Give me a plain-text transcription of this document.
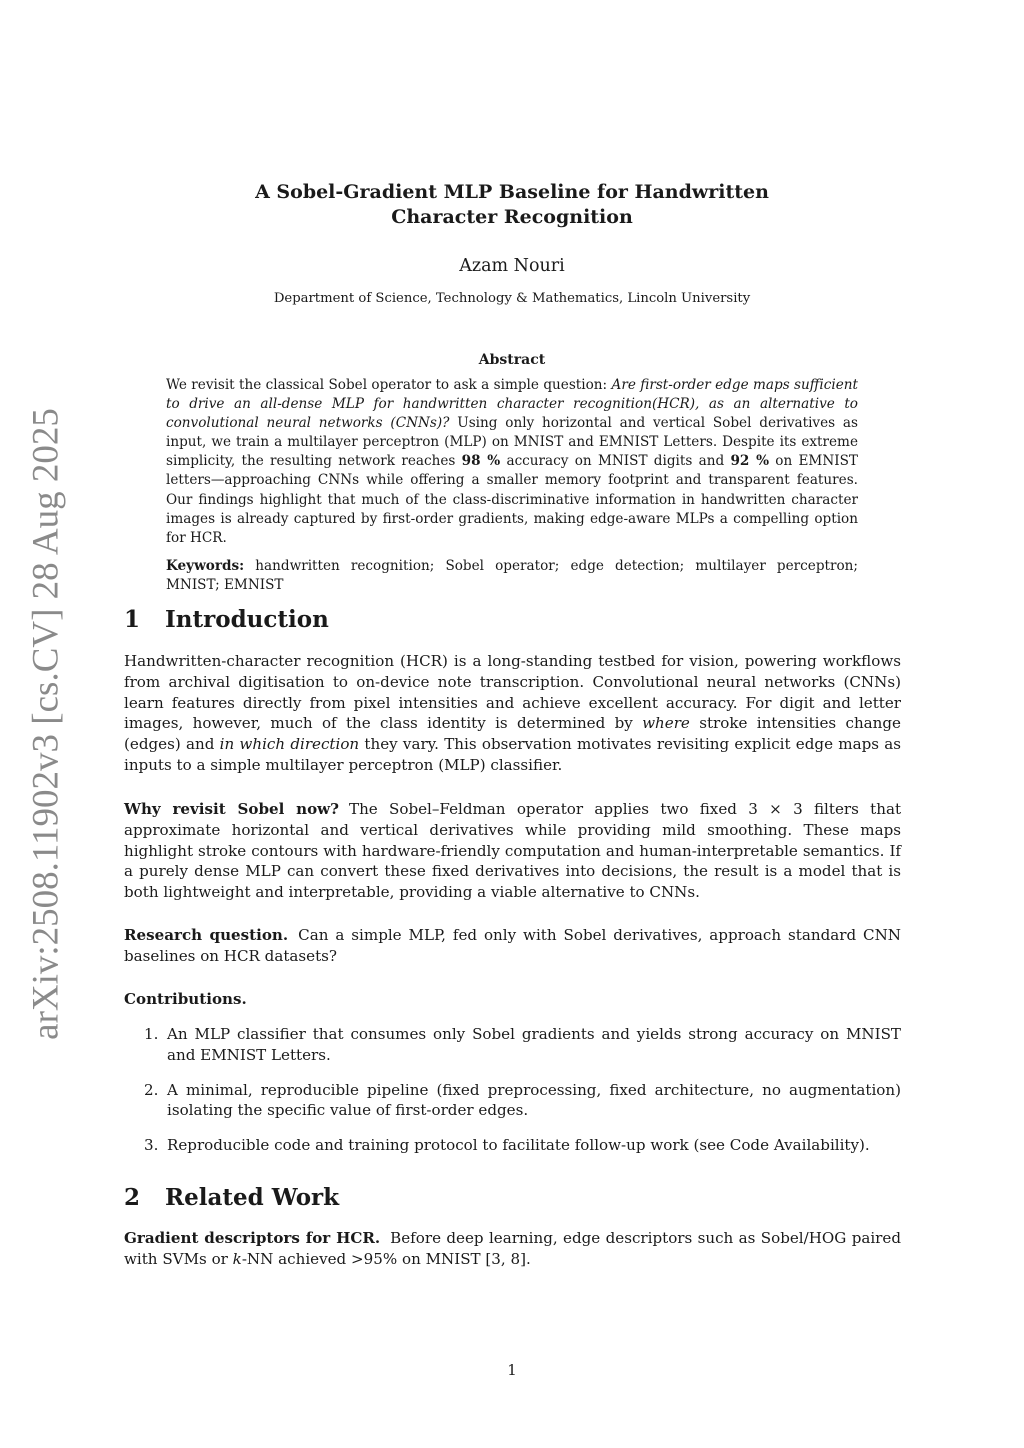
arXiv:2508.11902v3 [cs.CV] 28 Aug 2025
A Sobel-Gradient MLP Baseline for Handwritten
Character Recognition
Azam Nouri
Department of Science, Technology & Mathematics, Lincoln University
Abstract

We revisit the classical Sobel operator to ask a simple question: Are first-order edge maps sufficient to drive an all-dense MLP for handwritten character recognition(HCR), as an alternative to convolutional neural networks (CNNs)? Using only horizontal and vertical Sobel derivatives as input, we train a multilayer perceptron (MLP) on MNIST and EMNIST Letters. Despite its extreme simplicity, the resulting network reaches 98 % accuracy on MNIST digits and 92 % on EMNIST letters—approaching CNNs while offering a smaller memory footprint and transparent features. Our findings highlight that much of the class-discriminative information in handwritten character images is already captured by first-order gradients, making edge-aware MLPs a compelling option for HCR.

Keywords: handwritten recognition; Sobel operator; edge detection; multilayer perceptron; MNIST; EMNIST

1 Introduction

Handwritten-character recognition (HCR) is a long-standing testbed for vision, powering workflows from archival digitisation to on-device note transcription. Convolutional neural networks (CNNs) learn features directly from pixel intensities and achieve excellent accuracy. For digit and letter images, however, much of the class identity is determined by where stroke intensities change (edges) and in which direction they vary. This observation motivates revisiting explicit edge maps as inputs to a simple multilayer perceptron (MLP) classifier.

Why revisit Sobel now? The Sobel–Feldman operator applies two fixed 3 × 3 filters that approximate horizontal and vertical derivatives while providing mild smoothing. These maps highlight stroke contours with hardware-friendly computation and human-interpretable semantics. If a purely dense MLP can convert these fixed derivatives into decisions, the result is a model that is both lightweight and interpretable, providing a viable alternative to CNNs.

Research question. Can a simple MLP, fed only with Sobel derivatives, approach standard CNN baselines on HCR datasets?

Contributions.

1. An MLP classifier that consumes only Sobel gradients and yields strong accuracy on MNIST and EMNIST Letters.
2. A minimal, reproducible pipeline (fixed preprocessing, fixed architecture, no augmentation) isolating the specific value of first-order edges.
3. Reproducible code and training protocol to facilitate follow-up work (see Code Availability).
2 Related Work

Gradient descriptors for HCR. Before deep learning, edge descriptors such as Sobel/HOG paired with SVMs or k-NN achieved >95% on MNIST [3, 8].

1
